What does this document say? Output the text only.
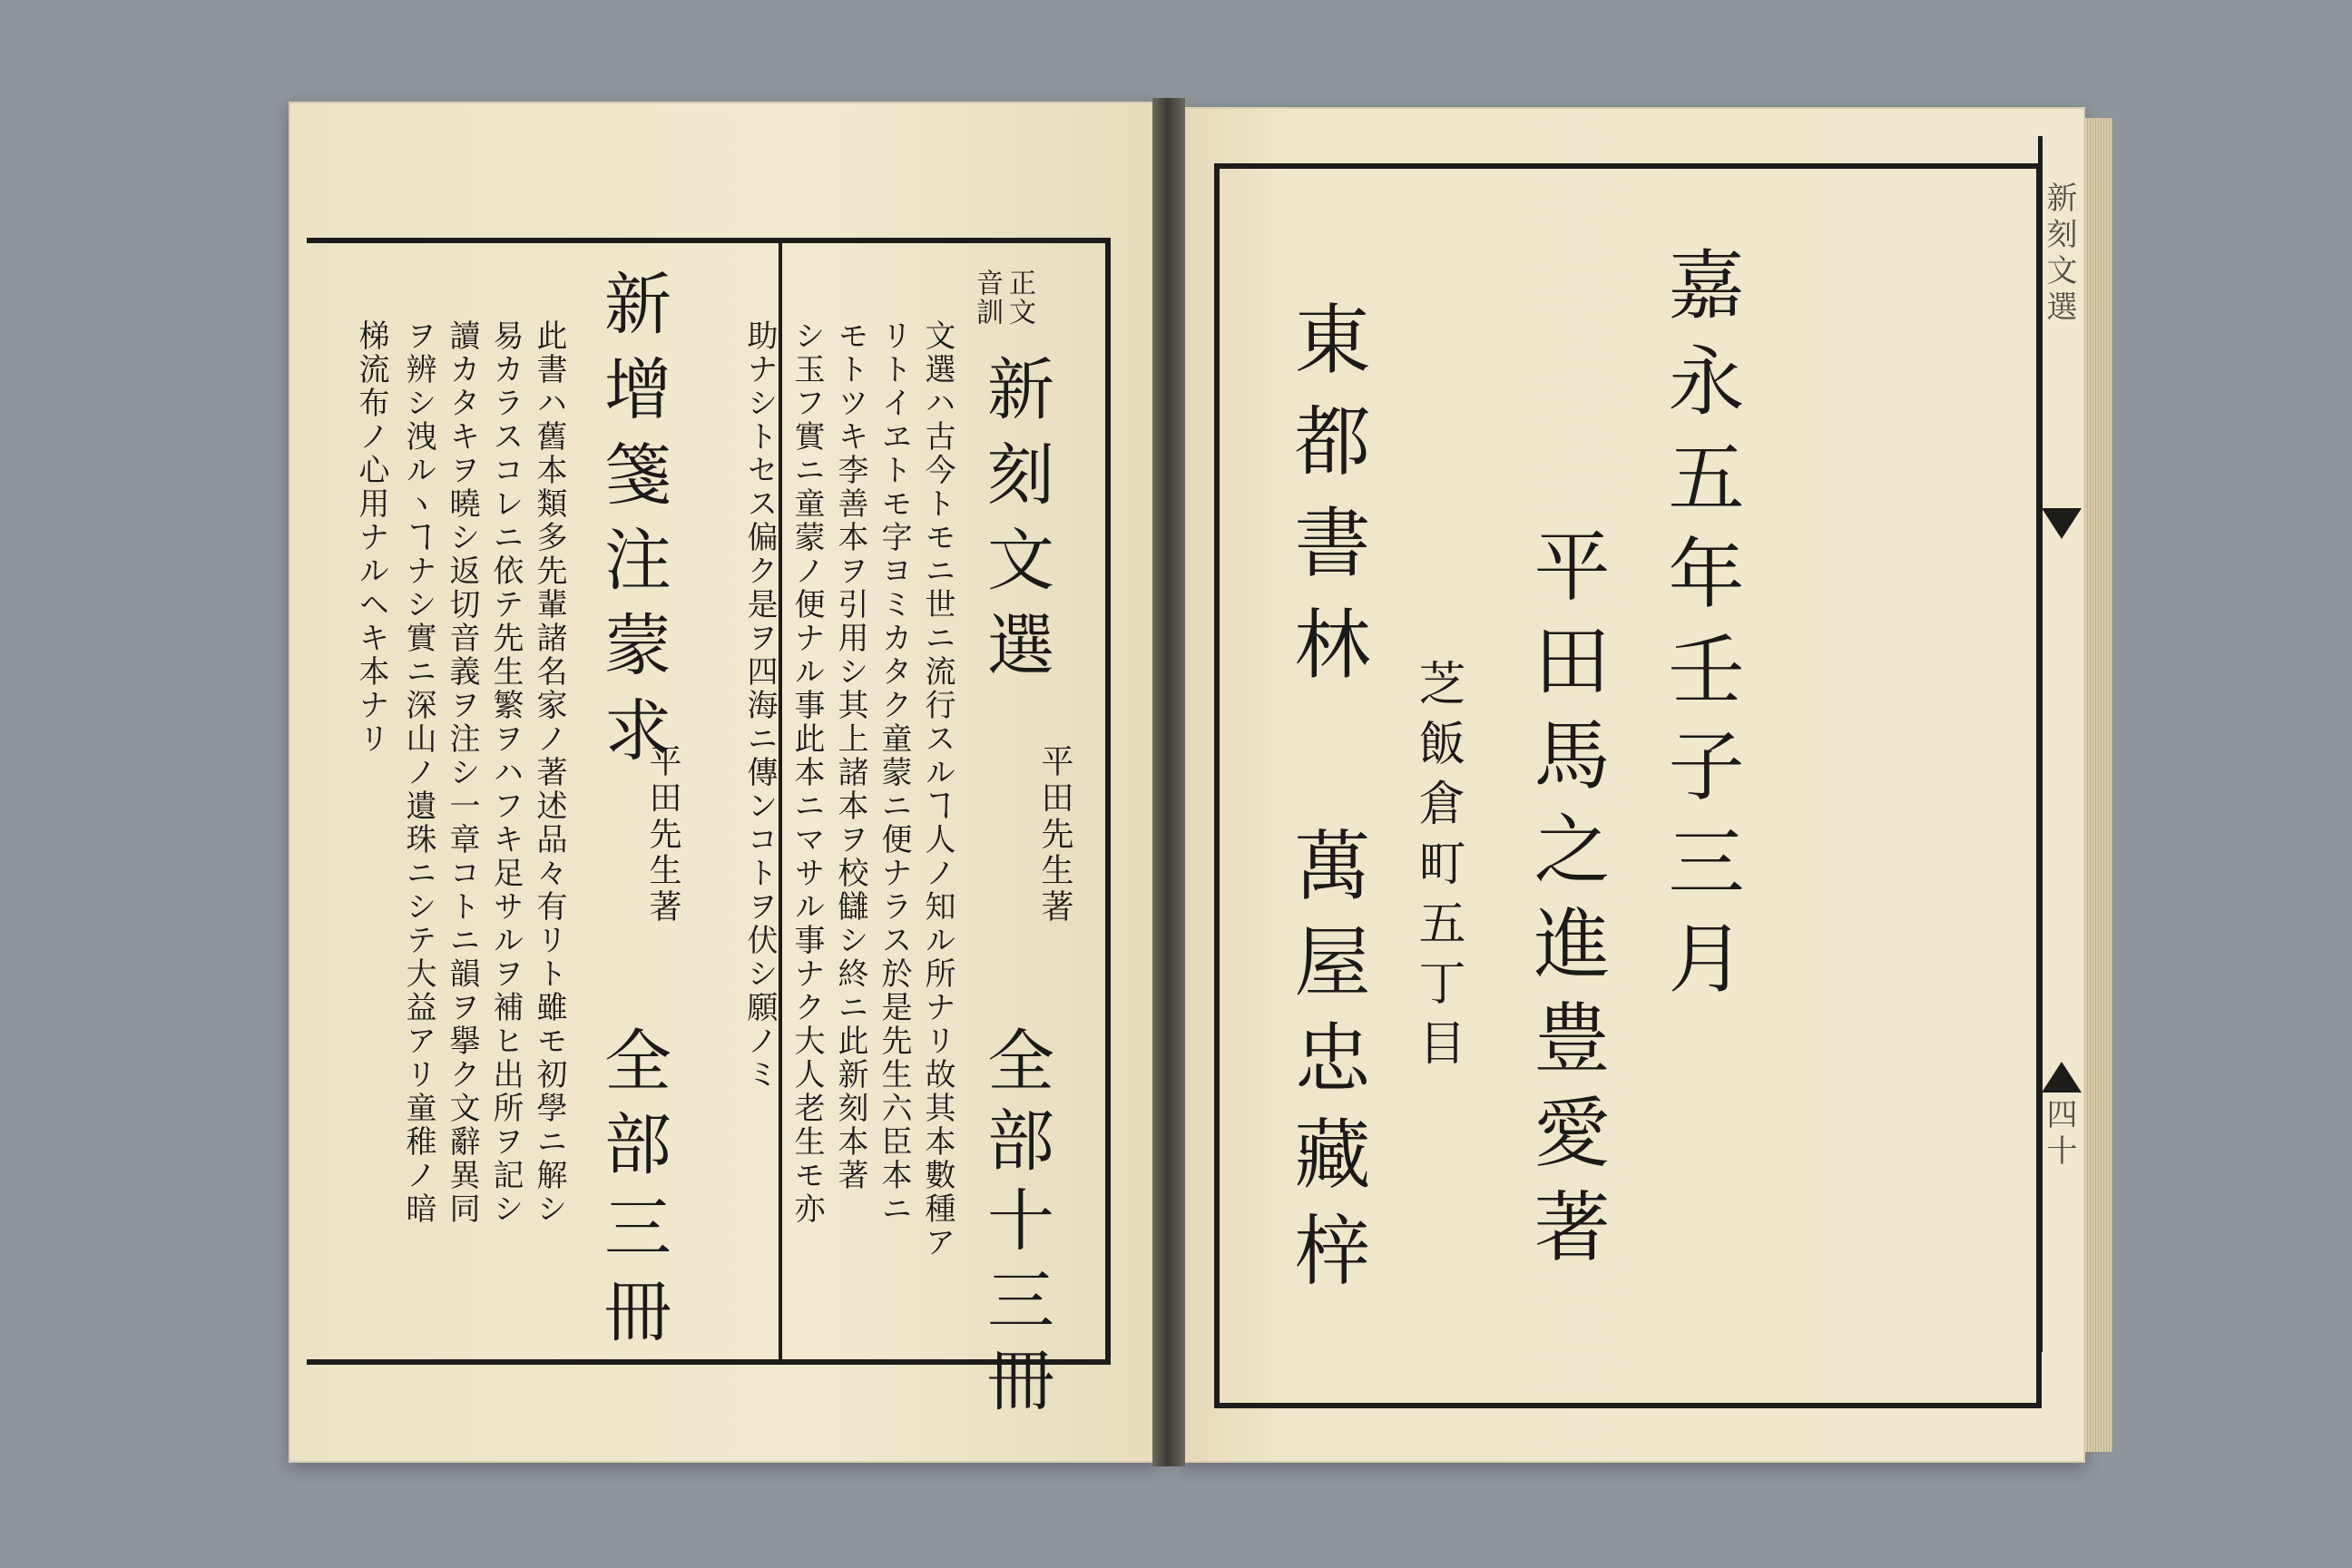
正文
音訓
新刻文選
平田先生著
全部十三冊
文選ハ古今トモニ世ニ流行スルヿ人ノ知ル所ナリ故其本數種ア
リトイヱトモ字ヨミカタク童蒙ニ便ナラス於是先生六臣本ニ
モトツキ李善本ヲ引用シ其上諸本ヲ校讎シ終ニ此新刻本著
シ玉フ實ニ童蒙ノ便ナル事此本ニマサル事ナク大人老生モ亦
助ナシトセス偏ク是ヲ四海ニ傳ンコトヲ伏シ願ノミ
新增箋注蒙求
平田先生著
全部三冊
此書ハ舊本類多先輩諸名家ノ著述品々有リト雖モ初學ニ解シ
易カラスコレニ依テ先生繁ヲハフキ足サルヲ補ヒ出所ヲ記シ
讀カタキヲ曉シ返切音義ヲ注シ一章コトニ韻ヲ擧ク文辭異同
ヲ辨シ洩ルヽヿナシ實ニ深山ノ遺珠ニシテ大益アリ童稚ノ暗
梯流布ノ心用ナルヘキ本ナリ	嘉永五年壬子三月
平田馬之進豊愛著
芝飯倉町五丁目
東都書林
萬屋忠藏梓
新刻文選
四十
